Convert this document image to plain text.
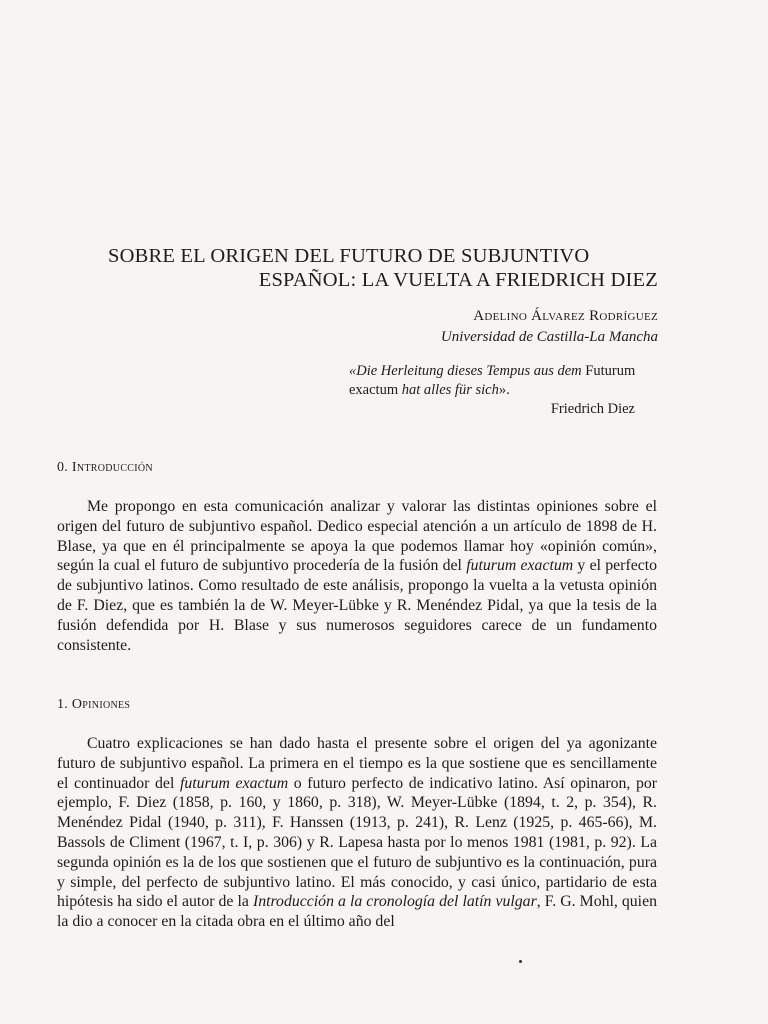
SOBRE EL ORIGEN DEL FUTURO DE SUBJUNTIVO
ESPAÑOL: LA VUELTA A FRIEDRICH DIEZ
Adelino Álvarez Rodríguez
Universidad de Castilla-La Mancha
«Die Herleitung dieses Tempus aus dem Futurum exactum hat alles für sich».
Friedrich Diez
0. Introducción
Me propongo en esta comunicación analizar y valorar las distintas opiniones sobre el origen del futuro de subjuntivo español. Dedico especial atención a un artículo de 1898 de H. Blase, ya que en él principalmente se apoya la que podemos llamar hoy «opinión común», según la cual el futuro de subjuntivo procedería de la fusión del futurum exactum y el perfecto de subjuntivo latinos. Como resultado de este análisis, propongo la vuelta a la vetusta opinión de F. Diez, que es también la de W. Meyer-Lübke y R. Menéndez Pidal, ya que la tesis de la fusión defendida por H. Blase y sus numerosos seguidores carece de un fundamento consistente.
1. Opiniones
Cuatro explicaciones se han dado hasta el presente sobre el origen del ya agonizante futuro de subjuntivo español. La primera en el tiempo es la que sostiene que es sencillamente el continuador del futurum exactum o futuro perfecto de indicativo latino. Así opinaron, por ejemplo, F. Diez (1858, p. 160, y 1860, p. 318), W. Meyer-Lübke (1894, t. 2, p. 354), R. Menéndez Pidal (1940, p. 311), F. Hanssen (1913, p. 241), R. Lenz (1925, p. 465-66), M. Bassols de Climent (1967, t. I, p. 306) y R. Lapesa hasta por lo menos 1981 (1981, p. 92). La segunda opinión es la de los que sostienen que el futuro de subjuntivo es la continuación, pura y simple, del perfecto de subjuntivo latino. El más conocido, y casi único, partidario de esta hipótesis ha sido el autor de la Introducción a la cronología del latín vulgar, F. G. Mohl, quien la dio a conocer en la citada obra en el último año del
